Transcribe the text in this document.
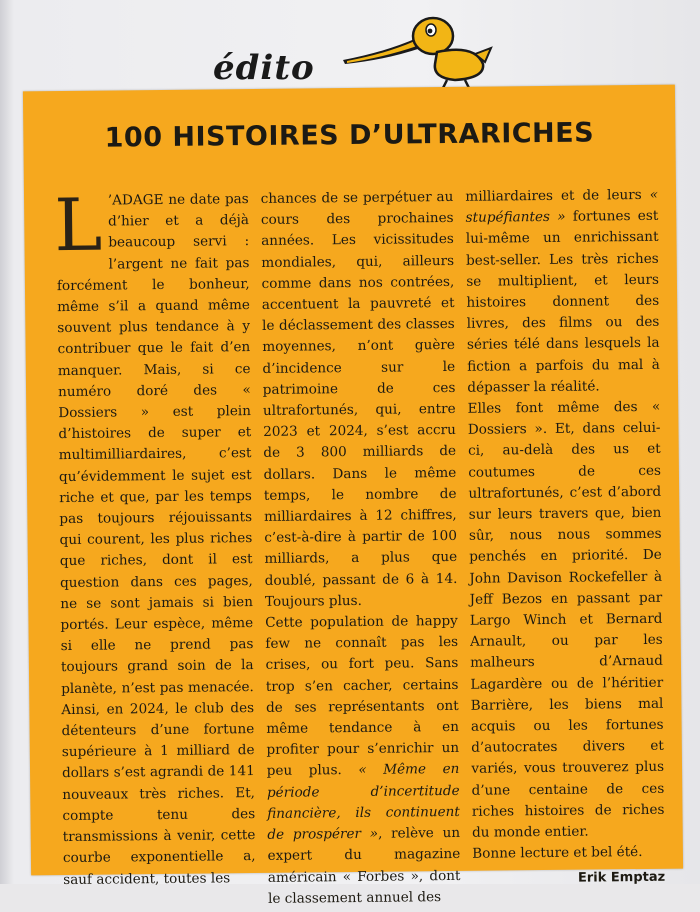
édito
100 HISTOIRES D’ULTRARICHES

L ’ADAGE ne date pas d’hier et a déjà beaucoup servi : l’argent ne fait pas forcément le bonheur, même s’il a quand même souvent plus tendance à y contribuer que le fait d’en manquer. Mais, si ce numéro doré des « Dossiers » est plein d’histoires de super et multimilliardaires, c’est qu’évidemment le sujet est riche et que, par les temps pas toujours réjouissants qui courent, les plus riches que riches, dont il est question dans ces pages, ne se sont jamais si bien portés. Leur espèce, même si elle ne prend pas toujours grand soin de la planète, n’est pas menacée. Ainsi, en 2024, le club des détenteurs d’une fortune supérieure à 1 milliard de dollars s’est agrandi de 141 nouveaux très riches. Et, compte tenu des transmissions à venir, cette courbe exponentielle a, sauf accident, toutes les

chances de se perpétuer au cours des prochaines années. Les vicissitudes mondiales, qui, ailleurs comme dans nos contrées, accentuent la pauvreté et le déclassement des classes moyennes, n’ont guère d’incidence sur le patrimoine de ces ultrafortunés, qui, entre 2023 et 2024, s’est accru de 3 800 milliards de dollars. Dans le même temps, le nombre de milliardaires à 12 chiffres, c’est-à-dire à partir de 100 milliards, a plus que doublé, passant de 6 à 14. Toujours plus.

Cette population de happy few ne connaît pas les crises, ou fort peu. Sans trop s’en cacher, certains de ses représentants ont même tendance à en profiter pour s’enrichir un peu plus. « Même en période d’incertitude financière, ils continuent de prospérer », relève un expert du magazine américain « Forbes », dont le classement annuel des

milliardaires et de leurs « stupéfiantes » fortunes est lui-même un enrichissant best-seller. Les très riches se multiplient, et leurs histoires donnent des livres, des films ou des séries télé dans lesquels la fiction a parfois du mal à dépasser la réalité.

Elles font même des « Dossiers ». Et, dans celui-ci, au-delà des us et coutumes de ces ultrafortunés, c’est d’abord sur leurs travers que, bien sûr, nous nous sommes penchés en priorité. De John Davison Rockefeller à Jeff Bezos en passant par Largo Winch et Bernard Arnault, ou par les malheurs d’Arnaud Lagardère ou de l’héritier Barrière, les biens mal acquis ou les fortunes d’autocrates divers et variés, vous trouverez plus d’une centaine de ces riches histoires de riches du monde entier.

Bonne lecture et bel été.

Erik Emptaz
